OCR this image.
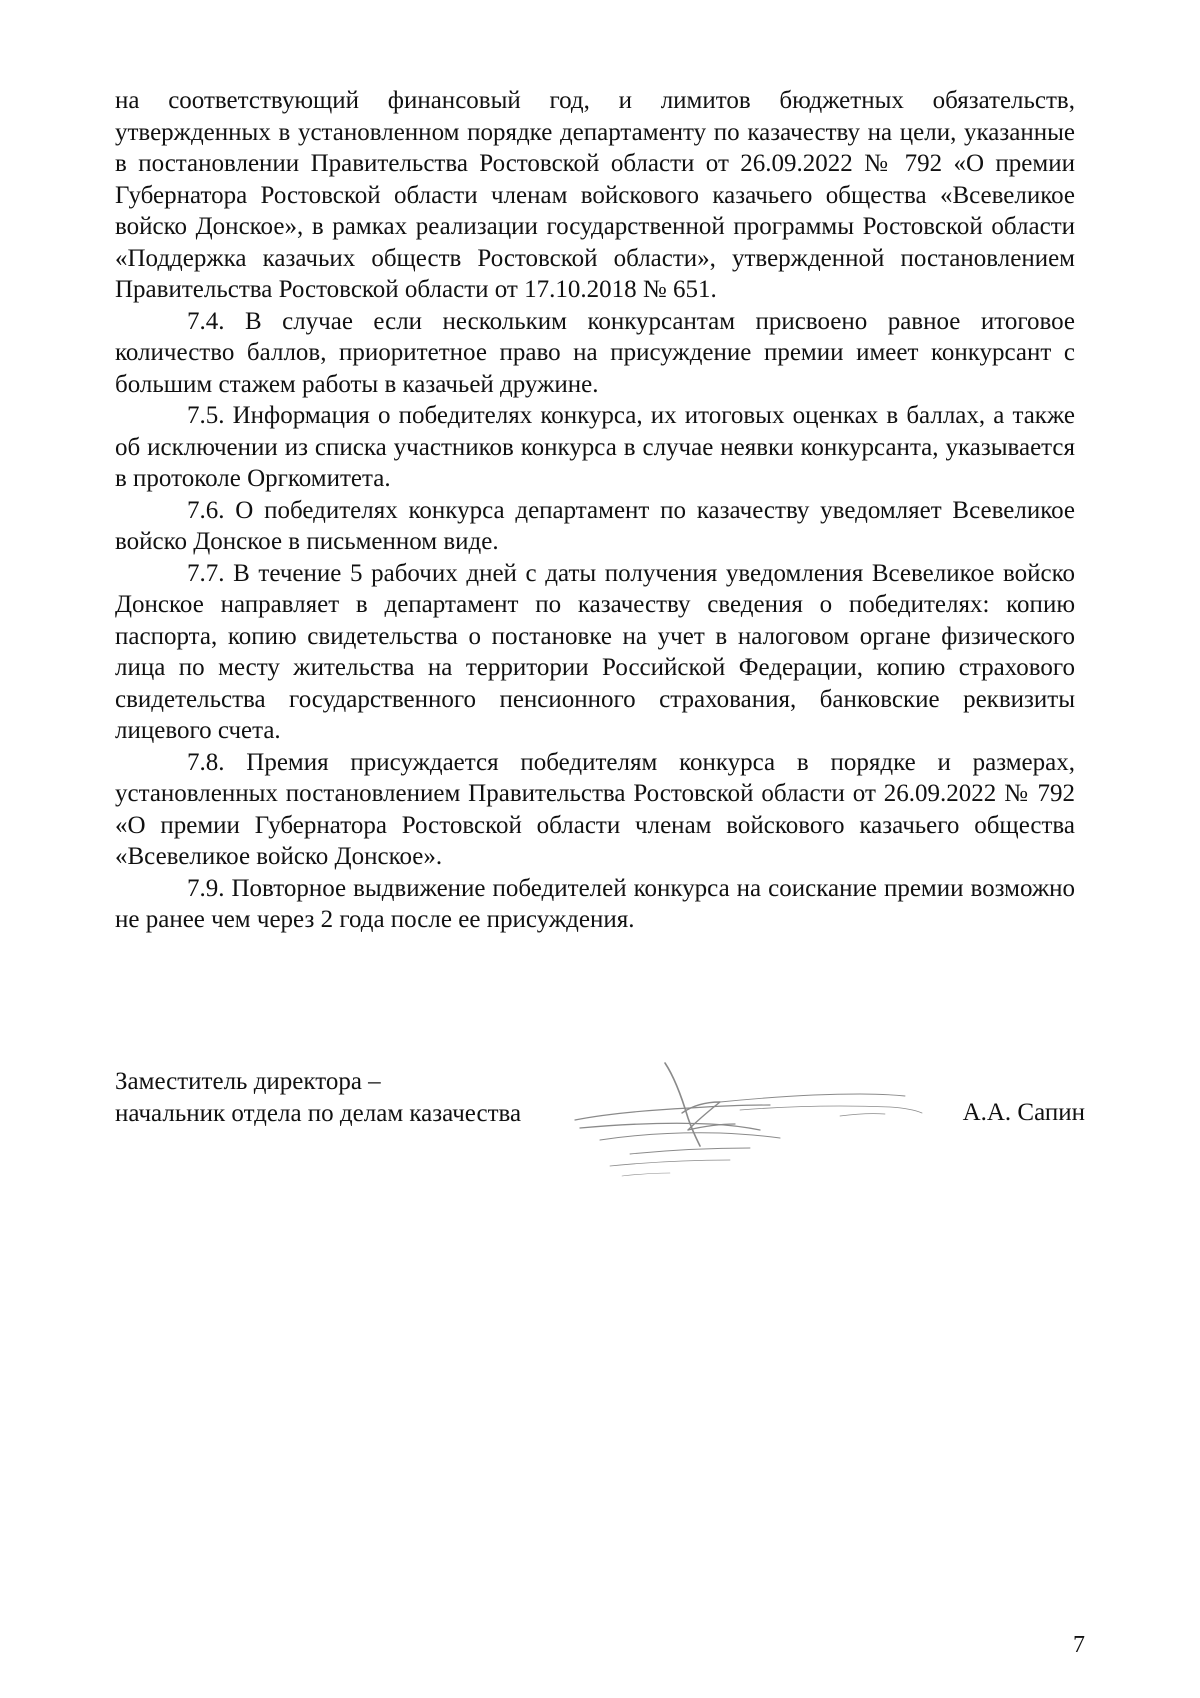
на соответствующий финансовый год, и лимитов бюджетных обязательств, утвержденных в установленном порядке департаменту по казачеству на цели, указанные в постановлении Правительства Ростовской области от 26.09.2022 № 792 «О премии Губернатора Ростовской области членам войскового казачьего общества «Всевеликое войско Донское», в рамках реализации государственной программы Ростовской области «Поддержка казачьих обществ Ростовской области», утвержденной постановлением Правительства Ростовской области от 17.10.2018 № 651.

7.4. В случае если нескольким конкурсантам присвоено равное итоговое количество баллов, приоритетное право на присуждение премии имеет конкурсант с большим стажем работы в казачьей дружине.

7.5. Информация о победителях конкурса, их итоговых оценках в баллах, а также об исключении из списка участников конкурса в случае неявки конкурсанта, указывается в протоколе Оргкомитета.

7.6. О победителях конкурса департамент по казачеству уведомляет Всевеликое войско Донское в письменном виде.

7.7. В течение 5 рабочих дней с даты получения уведомления Всевеликое войско Донское направляет в департамент по казачеству сведения о победителях: копию паспорта, копию свидетельства о постановке на учет в налоговом органе физического лица по месту жительства на территории Российской Федерации, копию страхового свидетельства государственного пенсионного страхования, банковские реквизиты лицевого счета.

7.8. Премия присуждается победителям конкурса в порядке и размерах, установленных постановлением Правительства Ростовской области от 26.09.2022 № 792 «О премии Губернатора Ростовской области членам войскового казачьего общества «Всевеликое войско Донское».

7.9. Повторное выдвижение победителей конкурса на соискание премии возможно не ранее чем через 2 года после ее присуждения.

Заместитель директора –
начальник отдела по делам казачества	А.А. Сапин
7
